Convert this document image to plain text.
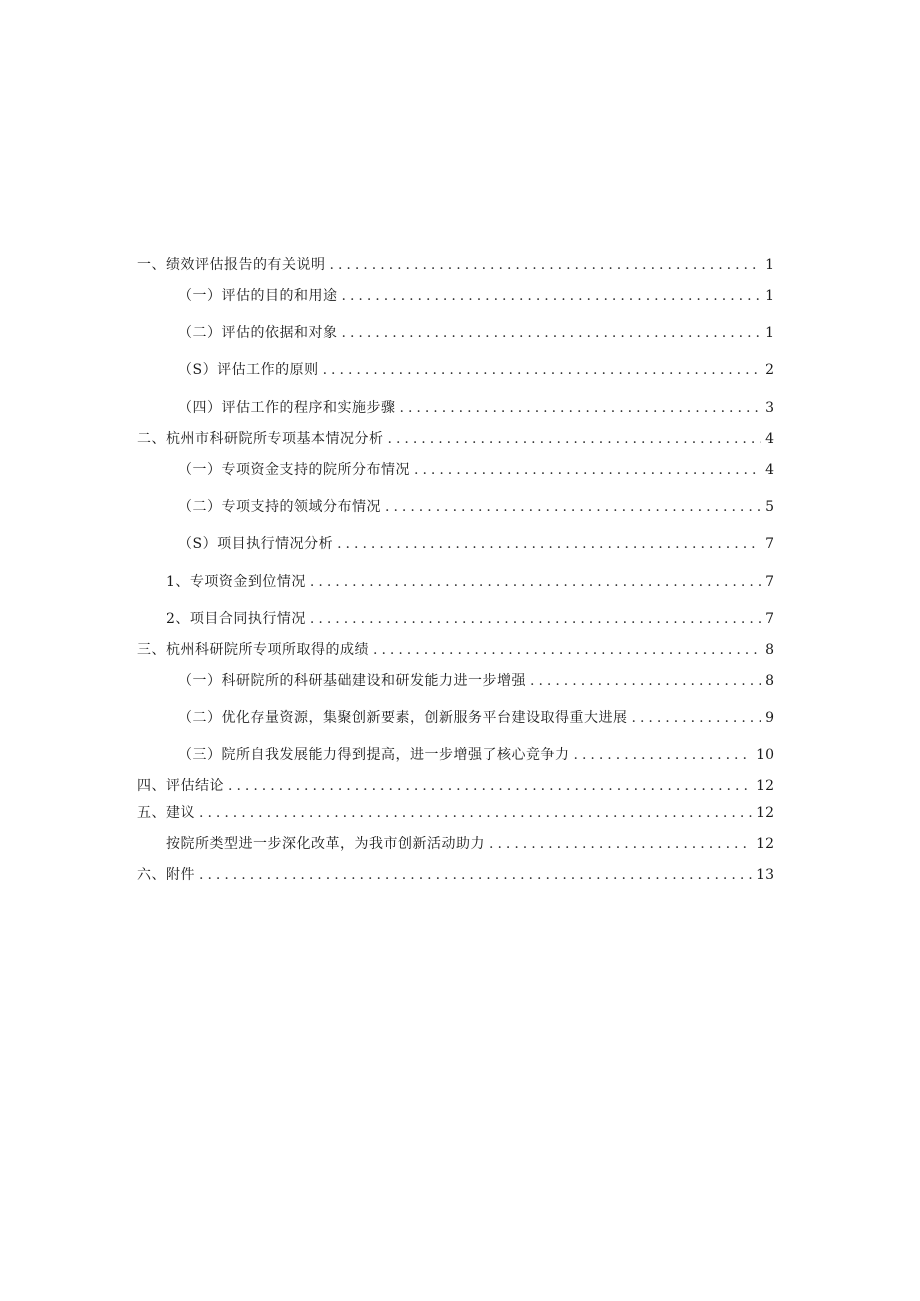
一、绩效评估报告的有关说明 .....	1
（一）评估的目的和用途 .....	1
（二）评估的依据和对象 .....	1
（S）评估工作的原则 .....	2
（四）评估工作的程序和实施步骤 .....	3
二、杭州市科研院所专项基本情况分析 .....	4
（一）专项资金支持的院所分布情况 .....	4
（二）专项支持的领域分布情况 .....	5
（S）项目执行情况分析 .....	7
1、专项资金到位情况 .....	7
2、项目合同执行情况 .....	7
三、杭州科研院所专项所取得的成绩 .....	8
（一）科研院所的科研基础建设和研发能力进一步增强 .....	8
（二）优化存量资源，集聚创新要素，创新服务平台建设取得重大进展 .....	9
（三）院所自我发展能力得到提高，进一步增强了核心竞争力 .....	10
四、评估结论 .....	12
五、建议 .....	12
按院所类型进一步深化改革，为我市创新活动助力 .....	12
六、附件 .....	13
